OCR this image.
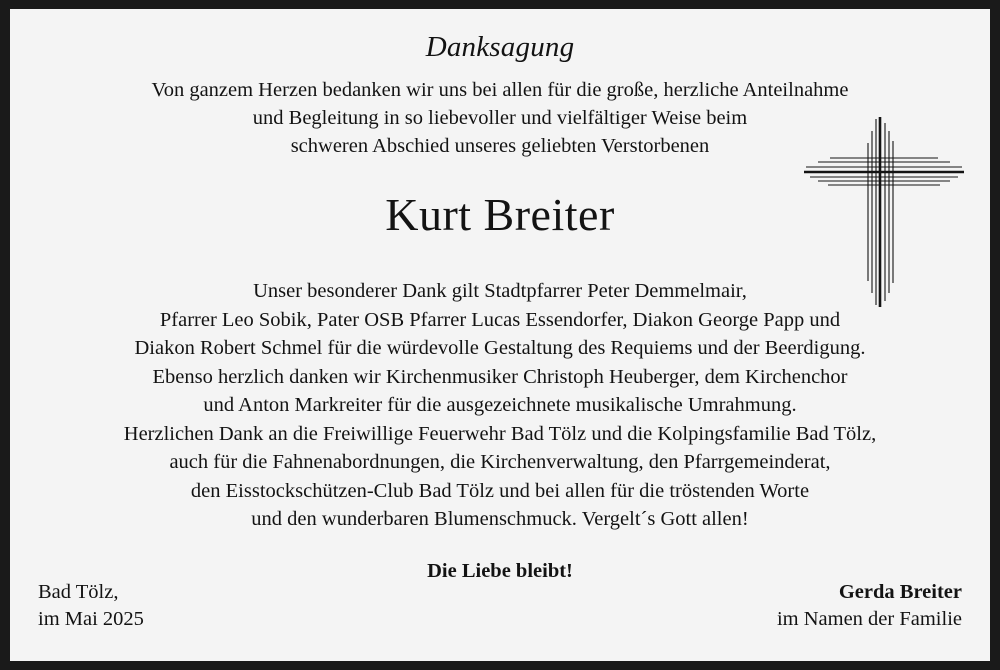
Danksagung
Von ganzem Herzen bedanken wir uns bei allen für die große, herzliche Anteilnahme
und Begleitung in so liebevoller und vielfältiger Weise beim
schweren Abschied unseres geliebten Verstorbenen
Kurt Breiter
Unser besonderer Dank gilt Stadtpfarrer Peter Demmelmair,
Pfarrer Leo Sobik, Pater OSB Pfarrer Lucas Essendorfer, Diakon George Papp und
Diakon Robert Schmel für die würdevolle Gestaltung des Requiems und der Beerdigung.
Ebenso herzlich danken wir Kirchenmusiker Christoph Heuberger, dem Kirchenchor
und Anton Markreiter für die ausgezeichnete musikalische Umrahmung.
Herzlichen Dank an die Freiwillige Feuerwehr Bad Tölz und die Kolpingsfamilie Bad Tölz,
auch für die Fahnenabordnungen, die Kirchenverwaltung, den Pfarrgemeinderat,
den Eisstockschützen-Club Bad Tölz und bei allen für die tröstenden Worte
und den wunderbaren Blumenschmuck. Vergelt´s Gott allen!
Die Liebe bleibt!
Bad Tölz,
im Mai 2025
Gerda Breiter
im Namen der Familie
